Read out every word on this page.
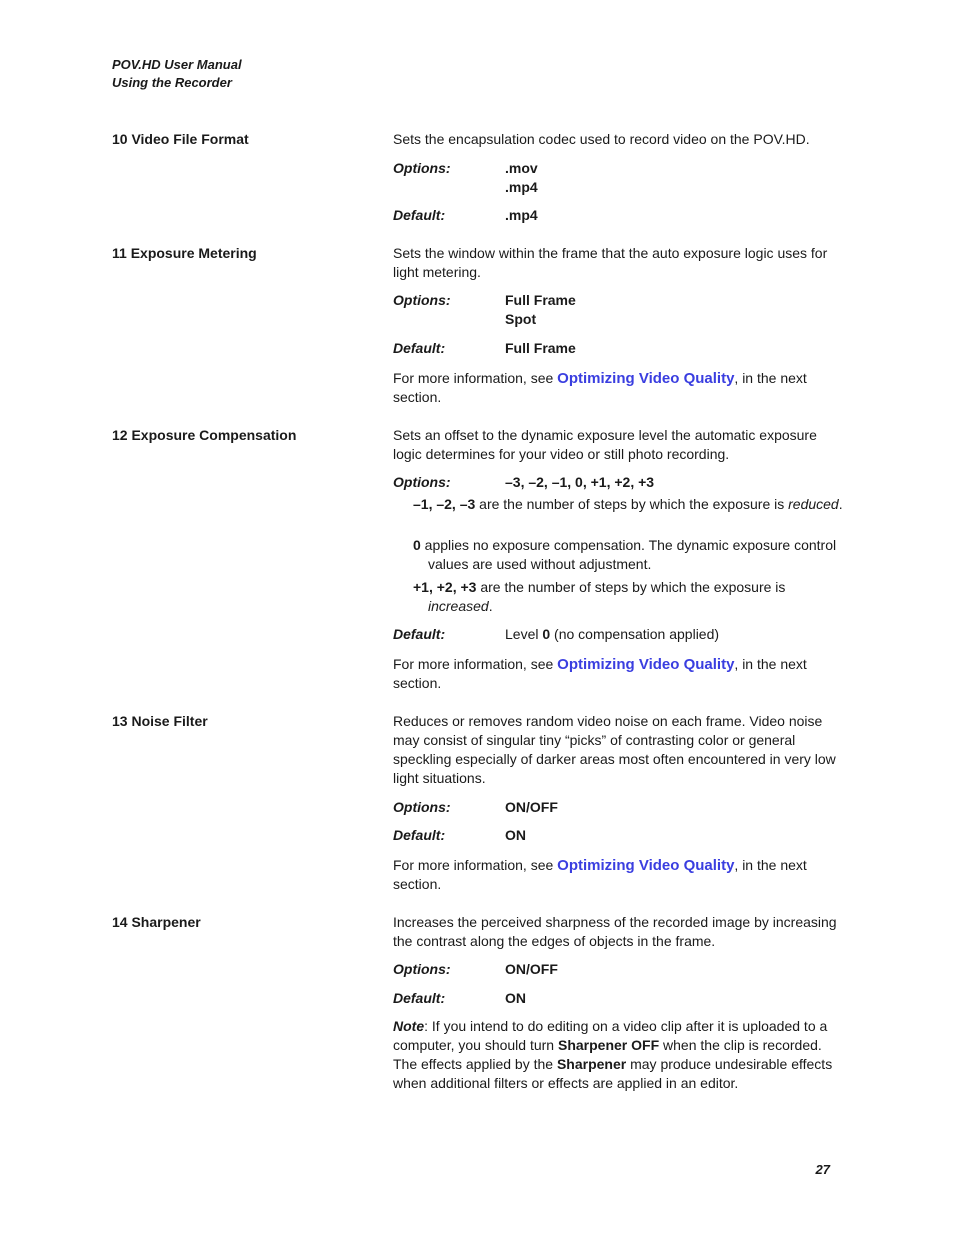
POV.HD User Manual
Using the Recorder
10 Video File Format	Sets the encapsulation codec used to record video on the POV.HD.
Options:	.mov
.mp4
Default:	.mp4
11 Exposure Metering	Sets the window within the frame that the auto exposure logic uses for light metering.
Options:	Full Frame
Spot
Default:	Full Frame
For more information, see Optimizing Video Quality, in the next section.
12 Exposure Compensation	Sets an offset to the dynamic exposure level the automatic exposure logic determines for your video or still photo recording.
Options:	–3, –2, –1, 0, +1, +2, +3
–1, –2, –3 are the number of steps by which the exposure is reduced.
0 applies no exposure compensation. The dynamic exposure control values are used without adjustment.
+1, +2, +3 are the number of steps by which the exposure is increased.
Default:	Level 0 (no compensation applied)
For more information, see Optimizing Video Quality, in the next section.
13 Noise Filter	Reduces or removes random video noise on each frame. Video noise may consist of singular tiny “picks” of contrasting color or general speckling especially of darker areas most often encountered in very low light situations.
Options:	ON/OFF
Default:	ON
For more information, see Optimizing Video Quality, in the next section.
14 Sharpener	Increases the perceived sharpness of the recorded image by increasing the contrast along the edges of objects in the frame.
Options:	ON/OFF
Default:	ON
Note: If you intend to do editing on a video clip after it is uploaded to a computer, you should turn Sharpener OFF when the clip is recorded. The effects applied by the Sharpener may produce undesirable effects when additional filters or effects are applied in an editor.
27
